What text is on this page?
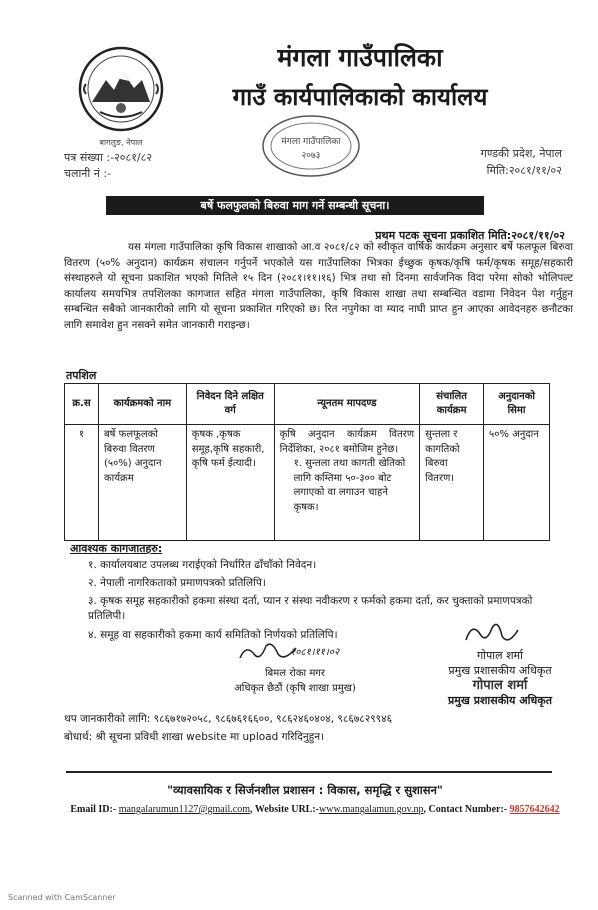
बागलुङ, नेपाल
मंगला गाउँपालिका
गाउँ कार्यपालिकाको कार्यालय
मंगला गाउँपालिका
२०७३
पत्र संख्या :-२०८१/८२
चलानी नं :-
गण्डकी प्रदेश, नेपाल
मिति:२०८१/११/०२
बर्षे फलफुलको बिरुवा माग गर्ने सम्बन्धी सूचना।
प्रथम पटक सूचना प्रकाशित मिति:२०८१/११/०२
यस मंगला गाउँपालिका कृषि विकास शाखाको आ.व २०८१/८२ को स्वीकृत वार्षिक कार्यक्रम अनुसार बर्षे फलफूल बिरुवा वितरण (५०% अनुदान) कार्यक्रम संचालन गर्नुपर्ने भएकोले यस गाउँपालिका भित्रका ईच्छुक कृषक/कृषि फर्म/कृषक समूह/सहकारी संस्थाहरुले यो सूचना प्रकाशित भएको मितिले १५ दिन (२०८१।११।१६) भित्र तथा सो दिनमा सार्वजनिक विदा परेमा सोको भोलिपल्ट कार्यालय समयभित्र तपशिलका कागजात सहित मंगला गाउँपालिका, कृषि विकास शाखा तथा सम्बन्धित वडामा निवेदन पेश गर्नुहुन सम्बन्धित सबैको जानकारीको लागि यो सूचना प्रकाशित गरिएको छ। रित नपुगेका वा म्याद नाघी प्राप्त हुन आएका आवेदनहरु छनौटका लागि समावेश हुन नसक्ने समेत जानकारी गराइन्छ।
तपशिल
क्र.स	कार्यक्रमको नाम	निवेदन दिने लक्षित वर्ग	न्यूनतम मापदण्ड	संचालित कार्यक्रम	अनुदानको सिमा
१	बर्षे फलफूलको बिरुवा वितरण (५०%) अनुदान कार्यक्रम	कृषक ,कृषक समूह,कृषि सहकारी, कृषि फर्म ईत्यादी।	कृषि अनुदान कार्यक्रम वितरण निर्देशिका, २०८१ बमोजिम हुनेछ।
१. सुन्तला तथा कागती खेतिको लागि कम्तिमा ५०-३०० बोट लगाएको वा लगाउन चाहने कृषक।	सुन्तला र कागतिको बिरुवा वितरण।	५०% अनुदान
आवश्यक कागजातहरु:
१. कार्यालयबाट उपलब्ध गराईएको निर्धारित ढाँचाँको निवेदन।
२. नेपाली नागरिकताको प्रमाणपत्रको प्रतिलिपि।
३. कृषक समूह सहकारीको हकमा संस्था दर्ता, प्यान र संस्था नवीकरण र फर्मको हकमा दर्ता, कर चुक्ताको प्रमाणपत्रको प्रतिलिपी।
४. समूह वा सहकारीको हकमा कार्य समितिको निर्णयको प्रतिलिपि।
गोपाल शर्मा
प्रमुख प्रशासकीय अधिकृत
गोपाल शर्मा
प्रमुख प्रशासकीय अधिकृत
२०८१।११।०२
बिमल रोका मगर
अधिकृत छैठौं (कृषि शाखा प्रमुख)
थप जानकारीको लागि: ९८६७१७२०५८, ९८६७६१६६००, ९८६२४६०४०४, ९८६७८२९९४६
बोधार्थ: श्री सूचना प्रविधी शाखा website मा upload गरिदिनुहुन।
"व्यावसायिक र सिर्जनशील प्रशासन : विकास, समृद्धि र सुशासन"
Email ID:- mangalarumun1127@gmail.com, Website URL:-www.mangalamun.gov.np, Contact Number:- 9857642642
Scanned with CamScanner
